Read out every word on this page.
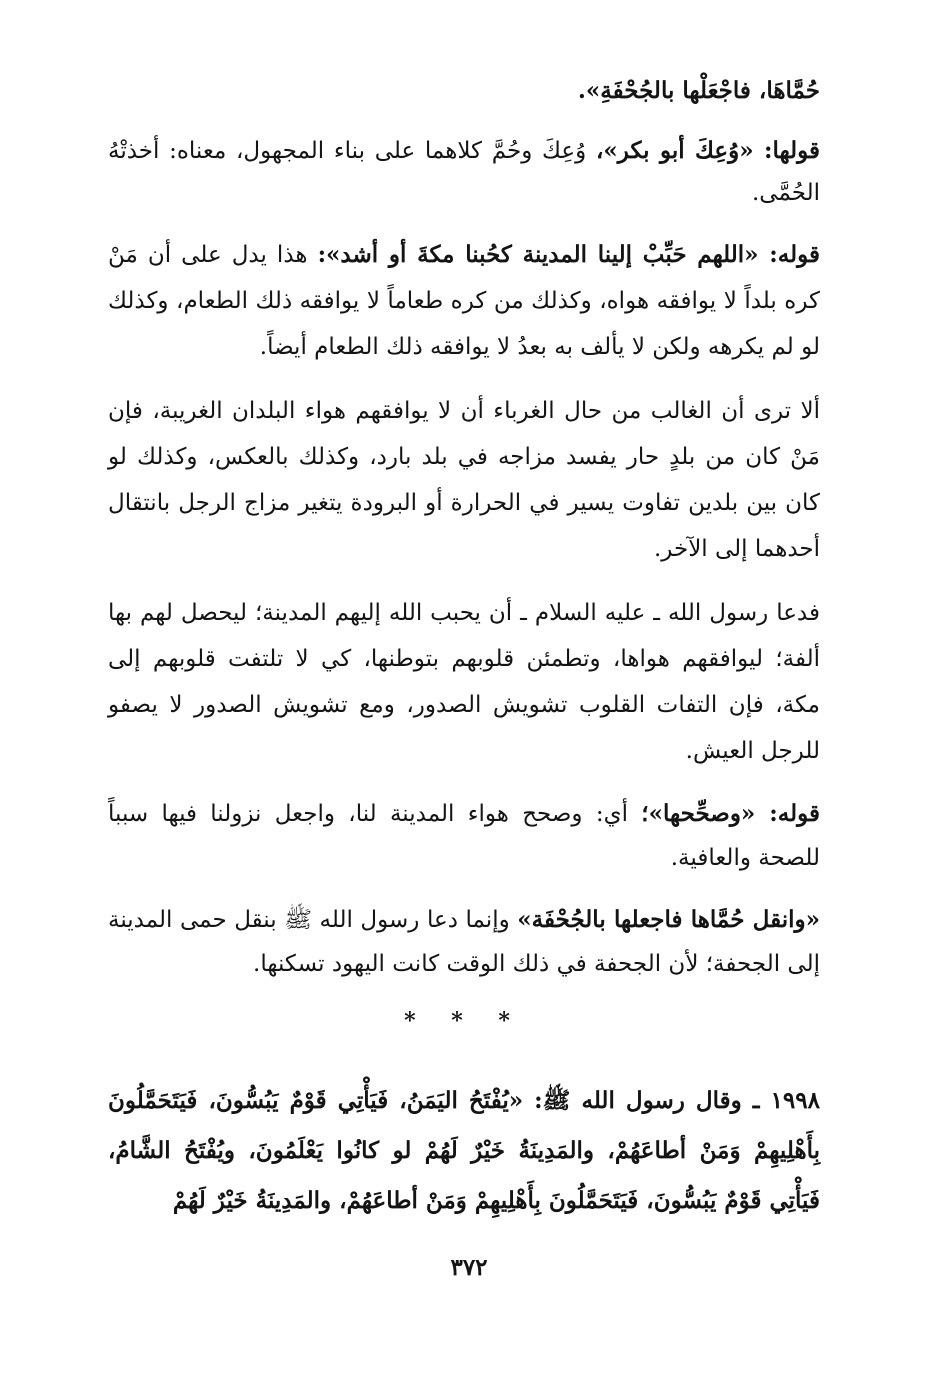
حُمَّاهَا، فاجْعَلْها بالجُحْفَةِ».

قولها: «وُعِكَ أبو بكر»، وُعِكَ وحُمَّ كلاهما على بناء المجهول، معناه: أخذتْهُ الحُمَّى.

قوله: «اللهم حَبِّبْ إلينا المدينة كحُبنا مكةَ أو أشد»: هذا يدل على أن مَنْ كره بلداً لا يوافقه هواه، وكذلك من كره طعاماً لا يوافقه ذلك الطعام، وكذلك لو لم يكرهه ولكن لا يألف به بعدُ لا يوافقه ذلك الطعام أيضاً.

ألا ترى أن الغالب من حال الغرباء أن لا يوافقهم هواء البلدان الغريبة، فإن مَنْ كان من بلدٍ حار يفسد مزاجه في بلد بارد، وكذلك بالعكس، وكذلك لو كان بين بلدين تفاوت يسير في الحرارة أو البرودة يتغير مزاج الرجل بانتقال أحدهما إلى الآخر.

فدعا رسول الله ـ عليه السلام ـ أن يحبب الله إليهم المدينة؛ ليحصل لهم بها ألفة؛ ليوافقهم هواها، وتطمئن قلوبهم بتوطنها، كي لا تلتفت قلوبهم إلى مكة، فإن التفات القلوب تشويش الصدور، ومع تشويش الصدور لا يصفو للرجل العيش.

قوله: «وصحِّحها»؛ أي: وصحح هواء المدينة لنا، واجعل نزولنا فيها سبباً للصحة والعافية.

«وانقل حُمَّاها فاجعلها بالجُحْفَة» وإنما دعا رسول الله ﷺ بنقل حمى المدينة إلى الجحفة؛ لأن الجحفة في ذلك الوقت كانت اليهود تسكنها.

* * *

١٩٩٨ ـ وقال رسول الله ﷺ: «يُفْتَحُ اليَمَنُ، فَيَأْتِي قَوْمٌ يَبُسُّونَ، فَيَتَحَمَّلُونَ بِأَهْلِيهِمْ وَمَنْ أطاعَهُمْ، والمَدِينَةُ خَيْرٌ لَهُمْ لو كانُوا يَعْلَمُونَ، ويُفْتَحُ الشَّامُ، فَيَأْتِي قَوْمٌ يَبُسُّونَ، فَيَتَحَمَّلُونَ بِأَهْلِيهِمْ وَمَنْ أطاعَهُمْ، والمَدِينَةُ خَيْرٌ لَهُمْ

٣٧٢
